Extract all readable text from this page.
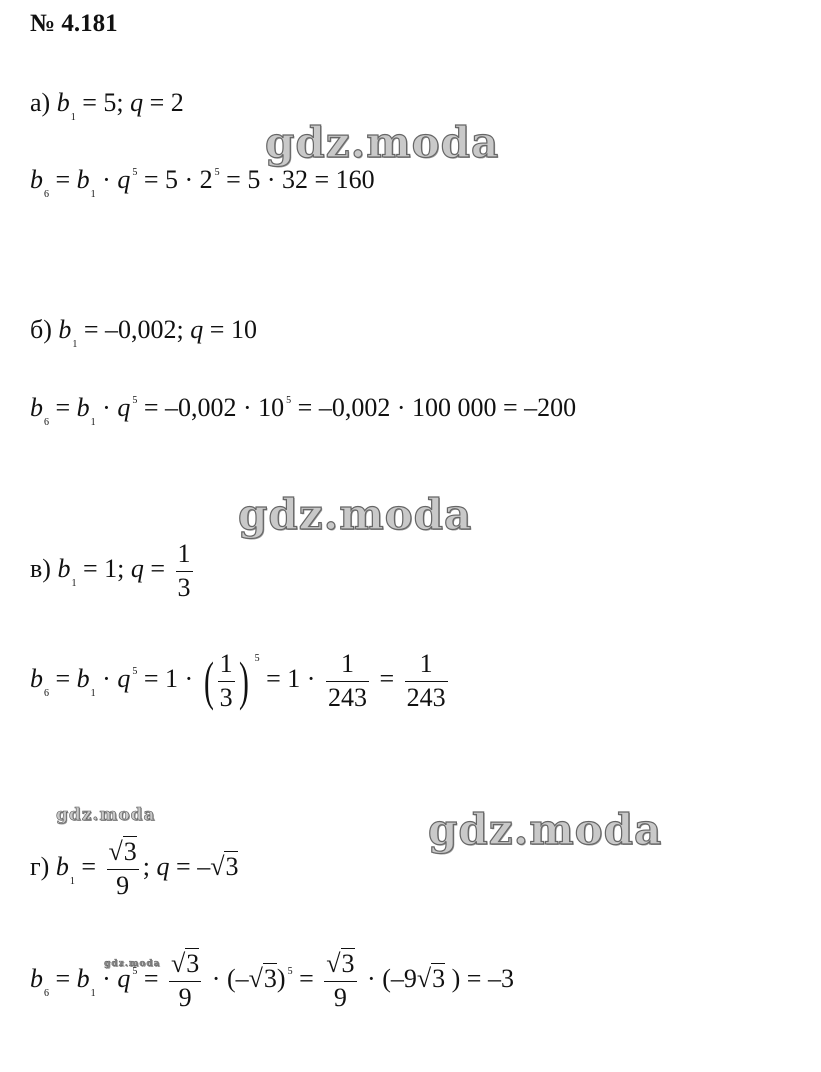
№ 4.181
а) $b_1 = 5$; q = 2
$b_6 = b_1 \cdot q$ $^5$ = 5 · 2 $^5$ = 5 · 32 = 160
б) $b_1 = -0,002$; q = 10
$b_6 = b_1 \cdot q$ $^5$ = –0,002 · 10 $^5$ = –0,002 · 100 000 = –200
в) $b_1 = 1$; $q = \frac{1}{3}$
$b_6 = b_1 \cdot q$ $^5$ = 1 · ( $\frac{1}{3}$ ) $^5 = 1 \cdot \frac{1}{243} = \frac{1}{243}$
г) $b_1 = \frac{√3}{9}$ ; q = –√3
$b_6 = b_1 \cdot q$ $^5 = \frac{√3}{9} \cdot (-√3) ^5 = \frac{√3}{9} \cdot (-9√3$ ) = –3
gdz.moda
gdz.moda
gdz.moda
gdz.moda
gdz.moda
